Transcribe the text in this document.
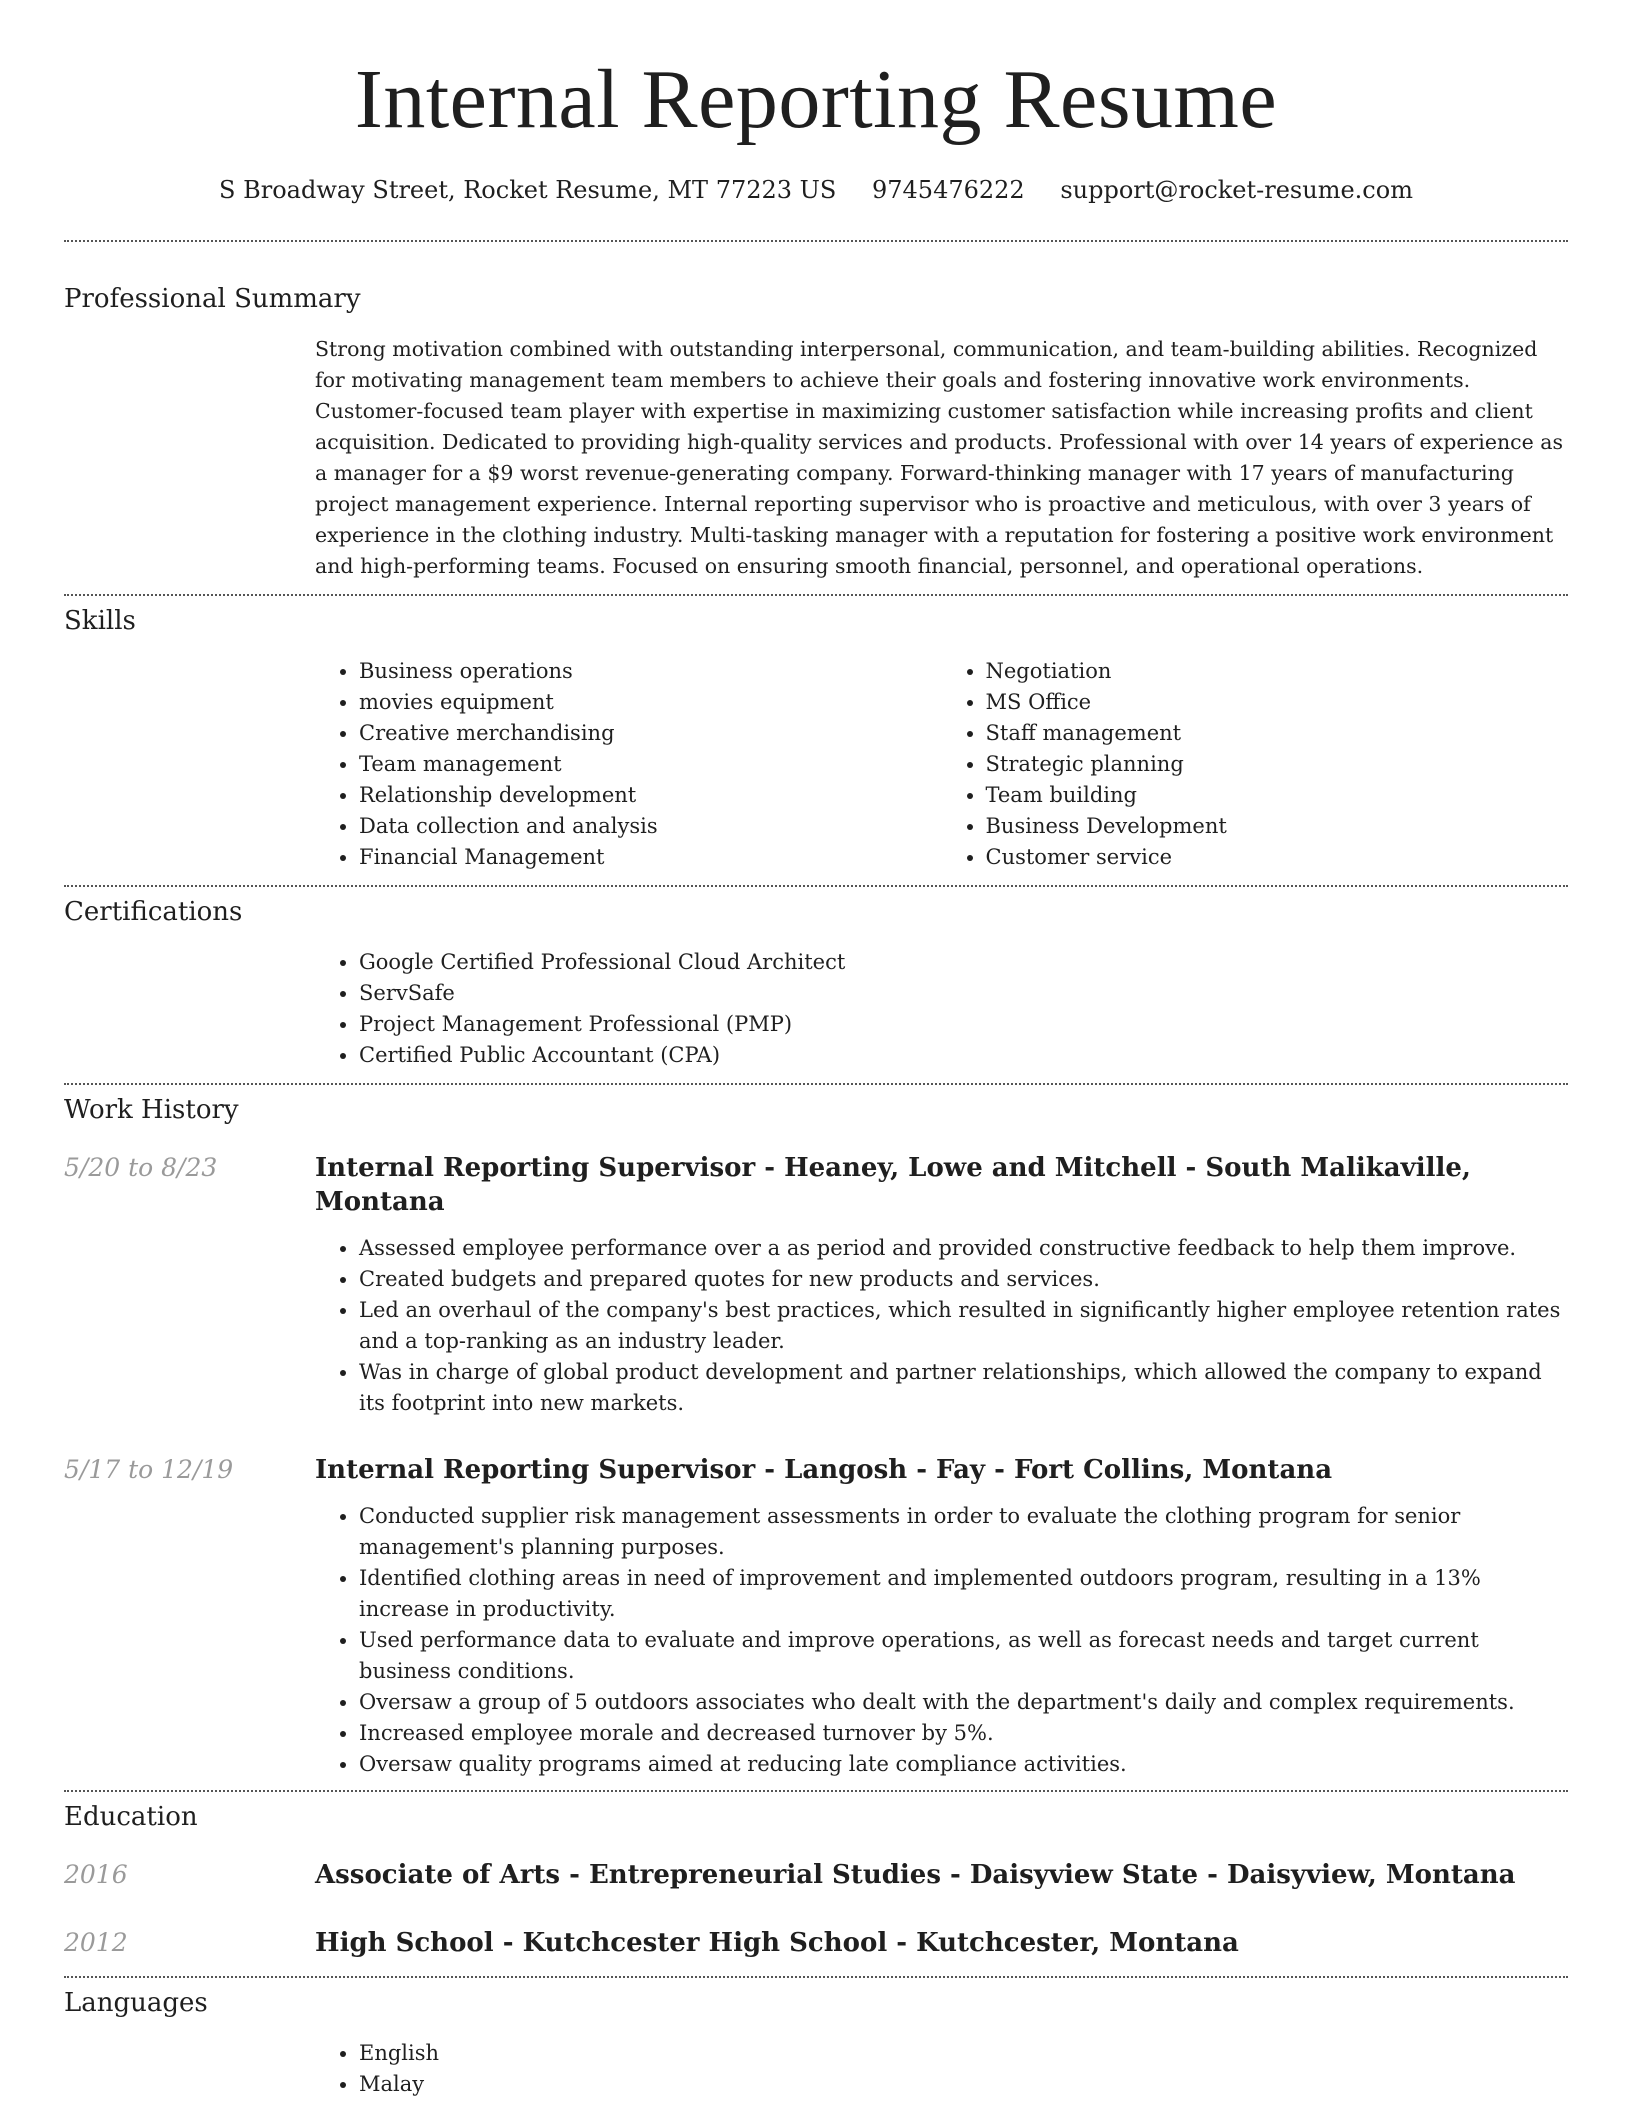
Internal Reporting Resume
S Broadway Street, Rocket Resume, MT 77223 US 9745476222 support@rocket-resume.com
Professional Summary

Strong motivation combined with outstanding interpersonal, communication, and team-building abilities. Recognized for motivating management team members to achieve their goals and fostering innovative work environments. Customer-focused team player with expertise in maximizing customer satisfaction while increasing profits and client acquisition. Dedicated to providing high-quality services and products. Professional with over 14 years of experience as a manager for a $9 worst revenue-generating company. Forward-thinking manager with 17 years of manufacturing project management experience. Internal reporting supervisor who is proactive and meticulous, with over 3 years of experience in the clothing industry. Multi-tasking manager with a reputation for fostering a positive work environment and high-performing teams. Focused on ensuring smooth financial, personnel, and operational operations.

Skills
• Business operations
• movies equipment
• Creative merchandising
• Team management
• Relationship development
• Data collection and analysis
• Financial Management
• Negotiation
• MS Office
• Staff management
• Strategic planning
• Team building
• Business Development
• Customer service
Certifications
• Google Certified Professional Cloud Architect
• ServSafe
• Project Management Professional (PMP)
• Certified Public Accountant (CPA)
Work History
5/20 to 8/23	Internal Reporting Supervisor - Heaney, Lowe and Mitchell - South Malikaville, Montana
• Assessed employee performance over a as period and provided constructive feedback to help them improve.
• Created budgets and prepared quotes for new products and services.
• Led an overhaul of the company's best practices, which resulted in significantly higher employee retention rates and a top-ranking as an industry leader.
• Was in charge of global product development and partner relationships, which allowed the company to expand its footprint into new markets.
5/17 to 12/19	Internal Reporting Supervisor - Langosh - Fay - Fort Collins, Montana
• Conducted supplier risk management assessments in order to evaluate the clothing program for senior management's planning purposes.
• Identified clothing areas in need of improvement and implemented outdoors program, resulting in a 13% increase in productivity.
• Used performance data to evaluate and improve operations, as well as forecast needs and target current business conditions.
• Oversaw a group of 5 outdoors associates who dealt with the department's daily and complex requirements.
• Increased employee morale and decreased turnover by 5%.
• Oversaw quality programs aimed at reducing late compliance activities.
Education
2016	Associate of Arts - Entrepreneurial Studies - Daisyview State - Daisyview, Montana
2012	High School - Kutchcester High School - Kutchcester, Montana
Languages
• English
• Malay
